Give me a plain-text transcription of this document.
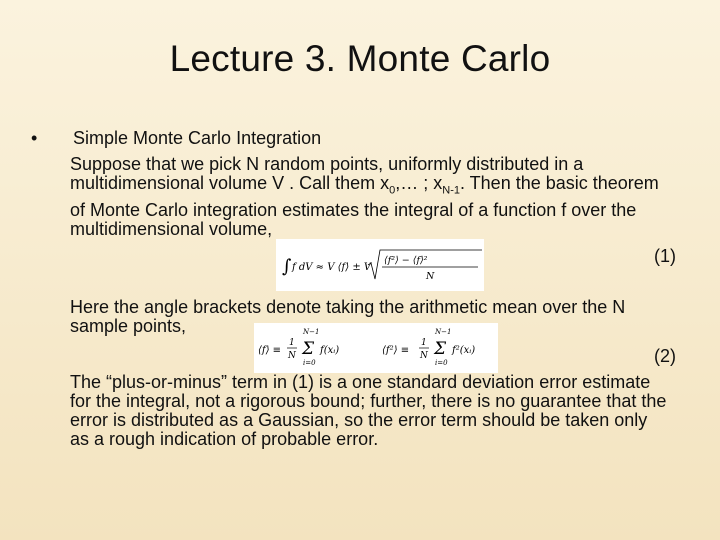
Lecture 3. Monte Carlo
• Simple Monte Carlo Integration

Suppose that we pick N random points, uniformly distributed in a multidimensional volume V . Call them $x_0,\dots$ ; $x_{N-1}$. Then the basic theorem of Monte Carlo integration estimates the integral of a function f over the multidimensional volume,

∫ f dV ≈ V ⟨f⟩ ± V
⟨f²⟩ − ⟨f⟩²
N
(1)

Here the angle brackets denote taking the arithmetic mean over the N sample points,

⟨f⟩ ≡
1
N
N−1
Σ
i=0
f(xᵢ)	⟨f²⟩ ≡
1
N
N−1
Σ
i=0
f²(xᵢ)	(2)

The “plus-or-minus” term in (1) is a one standard deviation error estimate for the integral, not a rigorous bound; further, there is no guarantee that the error is distributed as a Gaussian, so the error term should be taken only as a rough indication of probable error.
